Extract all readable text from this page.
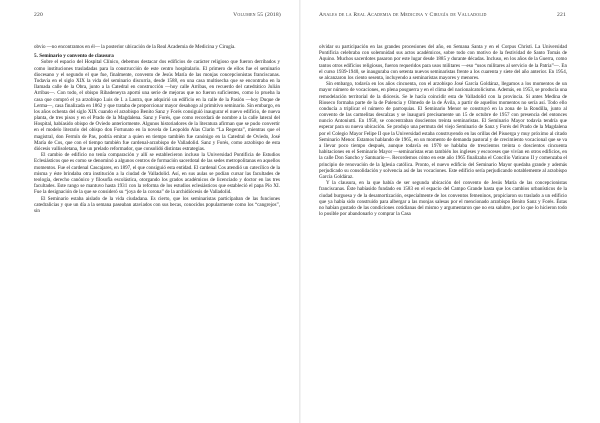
220	Volumen 55 (2018)

obvio —no encontramos en él— la posterior ubicación de la Real Academia de Medicina y Cirugía.

5. Seminario y convento de clausura

Sobre el espacio del Hospital Clínico, debemos destacar dos edificios de carácter religioso que fueron derribados y como instituciones trasladadas para la construcción de este centro hospitalario. El primero de ellos fue el seminario diocesano y el segundo el que fue, finalmente, convento de Jesús María de las monjas concepcionistas franciscanas. Todavía en el siglo XIX la vida del seminario discurría, desde 1588, en una casa multisecha que se encontraba en la Ilamada calle de la Obra, junto a la Catedral en construcción —hoy calle Arribas, en recuerdo del catedrático Julián Arribas—. Con todo, el obispo Ribadeneyra aportó una serie de mejoras que no fueron suficientes, como lo prueba la casa que compró el ya arzobispo Luis de I. a Lastra, que adquirió un edificio en la calle de la Pasión —hoy Duque de Lerma—, casa finalizada en 1862 y que trataba de proporcionar mayor desahogo al primitivo seminario. Sin embargo, en los años ochenta del siglo XIX cuando el arzobispo Benito Sanz y Forés consiguió inaugurar el nuevo edificio, de nueva planta, de tres pisos y en el Prado de la Magdalena. Sanz y Forés, que como recordará de nombre a la calle lateral del Hospital, habíasido obispo de Oviedo anteriormente. Algunos historiadores de la literatura afirman que se pudo convertir en el modelo literario del obispo don Fortunato en la novela de Leopoldo Alas Clarín “La Regenta”, mientras que el magistral, don Fermín de Pas, podría emitar a quien en tiempo también fue canónigo en la Catedral de Oviedo, José María de Cos, que con el tiempo también fue cardenal-arzobispo de Valladolid. Sanz y Forés, como arzobispo de esta diócesis vallisoletana, fue un prelado reformador, que consolidó distintas estrategias.

El cambio de edificio no tenía comparación y allí se establecieron incluso la Universidad Pontificia de Estudios Eclesiásticos que es como se denominó a algunos centros de formación sacerdotal de las sedes metropolitanas en aquellos momentos. Fue el cardenal Cascajares, en 1897, el que consiguió esta entidad. El cardenal Cos atendió un catecílico de la misma y éste brindaba otra institución a la ciudad de Valladolid. Así, en sus aulas se podían cursar las facultades de teología, derecho canónico y filosofía escolástica, otorgando los grados académicos de licenciado y doctor en las tres facultades. Este rango se mantuvo hasta 1931 con la reforma de los estudios eclesiásticos que estableció el papa Pío XI. Fue la designación de la que se consideró su “joya de la corona” de la archidiócesis de Valladolid.

El Seminario estaba aislado de la vida ciudadana. Es cierto, que los seminaristas participaban de las funciones catedralicias y que un día a la semana paseaban ataviados con sus becas, conocidos popularmente como los “cangrejos”, sin

Anales de la Real Academia de Medicina y Cirugía de Valladolid	221

olvidar su participación en las grandes procesiones del año, en Semana Santa y en el Corpus Christi. La Universidad Pontificia celebraba con solemnidad sus actos académicos, sobre todo con motivo de la festividad de Santo Tomás de Aquino. Muchos sacerdotes pasaron por este lugar desde 1885 y durante décadas. Incluso, en los años de la Guerra, como tantos otros edificios religiosos, fueron requeridos para usos militares —eso “usos militares al servicio de la Patria”—. En el curso 1939-1940, se inauguraba con setenta nuevos seminaristas frente a los cuarenta y siete del año anterior. En 1954, se alcanzaron los ciento sesenta, incluyendo a seminaristas mayores y menores.

Sin embargo, todavía en los años cincuenta, con el arzobispo José García Goldáraz, llegamos a los momentos de un mayor número de vocaciones, en plena posguerra y en el clima del nacionalcatolicismo. Además, en 1953, se producía una remodelación territorial de la diócesis. Se le hacía coincidir esta de Valladolid con la provincia. Si antes Medina de Rioseco formaba parte de la de Palencia y Olmedo de la de Ávila, a partir de aquellos momentos no sería así. Todo ello conducía a triplicar el número de parroquias. El Seminario Menor se construyó en la zona de la Rondilla, junto al convento de las carmelitas descalzas y se inauguró precisamente un 15 de octubre de 1957 con presencia del entonces nuncio Antoniutti. En 1958, se concentraban doscientos treinta seminaristas. El Seminario Mayor todavía tendría que esperar para su nueva ubicación. Se produjo una permuta del viejo Seminario de Sanz y Forés del Prado de la Magdalena por el Colegio Mayor Felipe II que la Universidad estaba construyendo en las orillas del Pisuerga y muy próximo al citado Seminario Menor. Estamos hablando de 1965, en un momento de demanda pastoral y de crecimiento vocacional que se va a llevar poco tiempo después, aunque todavía en 1970 se hablaba de trescientos treinta o doscientos cincuenta habitaciones en el Seminario Mayor —seminaristas eran también los ingleses y escoceses que vivían en otros edificios, en la calle Don Sancho y Santuario—. Recordemos cómo en este año 1965 finalizaba el Concilio Vaticano II y comenzaba el principio de renovación de la Iglesia católica. Pronto, el nuevo edificio del Seminario Mayor quedaba grande y además perjudicado su consolidación y solvencia así de las vocaciones. Este edificio sería perjudicando notablemente al arzobispo García Goldáraz.

Y la clausura, en la que había de ser segunda ubicación del convento de Jesús María de las concepcionistas franciscanas. Éste habíasido fundado en 1583 en el espacio del Campo Grande hasta que los cambios urbanísticos de la ciudad burguesa y de la desamortización, especialmente de los conventos femeninos, propiciaron su traslado a un edificio que ya había sido construido para albergar a las monjas salesas por el mencionado arzobispo Benito Sanz y Forés. Éstas no habían gustado de las condiciones cotidianas del mismo y argumentaron que no era salubre, por lo que lo hicieron todo lo posible por abandonarlo y comprar la Casa
